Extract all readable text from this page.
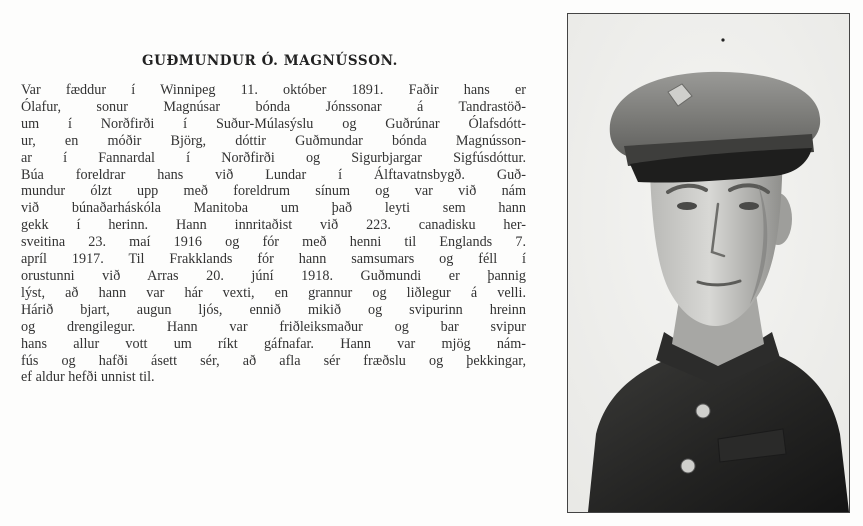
GUÐMUNDUR Ó. MAGNÚSSON.

Var fæddur í Winnipeg 11. október 1891. Faðir hans er
Ólafur, sonur Magnúsar bónda Jónssonar á Tandrastöð-
um í Norðfirði í Suður-Múlasýslu og Guðrúnar Ólafsdótt-
ur, en móðir Björg, dóttir Guðmundar bónda Magnússon-
ar í Fannardal í Norðfirði og Sigurbjargar Sigfúsdóttur.
Búa foreldrar hans við Lundar í Álftavatnsbygð. Guð-
mundur ólzt upp með foreldrum sínum og var við nám
við búnaðarháskóla Manitoba um það leyti sem hann
gekk í herinn. Hann innritaðist við 223. canadisku her-
sveitina 23. maí 1916 og fór með henni til Englands 7.
apríl 1917. Til Frakklands fór hann samsumars og féll í
orustunni við Arras 20. júní 1918. Guðmundi er þannig
lýst, að hann var hár vexti, en grannur og liðlegur á velli.
Hárið bjart, augun ljós, ennið mikið og svipurinn hreinn
og drengilegur. Hann var friðleiksmaður og bar svipur
hans allur vott um ríkt gáfnafar. Hann var mjög nám-
fús og hafði ásett sér, að afla sér fræðslu og þekkingar,
ef aldur hefði unnist til.
